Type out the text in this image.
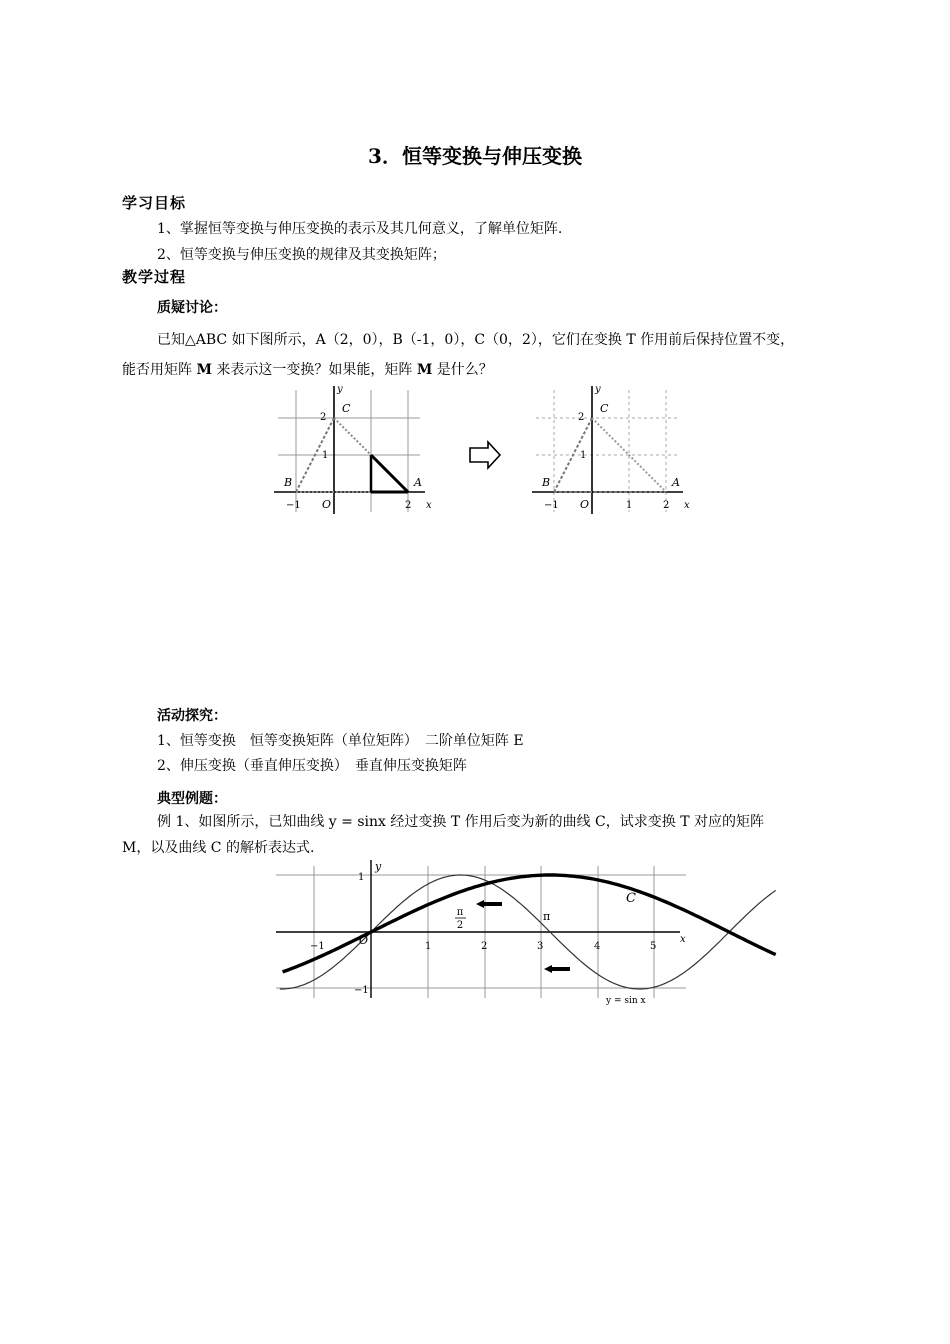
3．恒等变换与伸压变换
学习目标
1、掌握恒等变换与伸压变换的表示及其几何意义，了解单位矩阵.
2、恒等变换与伸压变换的规律及其变换矩阵；
教学过程
质疑讨论：
已知△ABC 如下图所示，A（2，0），B（-1，0），C（0，2），它们在变换 T 作用前后保持位置不变，
能否用矩阵 M 来表示这一变换？如果能，矩阵 M 是什么？
y
C
2
1
B	A
−1 O	2 x
y
C
2
1
B	A
−1 O	1	2 x
活动探究：
1、恒等变换　恒等变换矩阵（单位矩阵）　二阶单位矩阵 E
2、伸压变换（垂直伸压变换）　垂直伸压变换矩阵
典型例题：
例 1、如图所示，已知曲线 y = sinx 经过变换 T 作用后变为新的曲线 C，试求变换 T 对应的矩阵
M，以及曲线 C 的解析表达式.
y
1
−1
O
−1	1	2	3	4	5
x
π
2
π
C
y = sin x
